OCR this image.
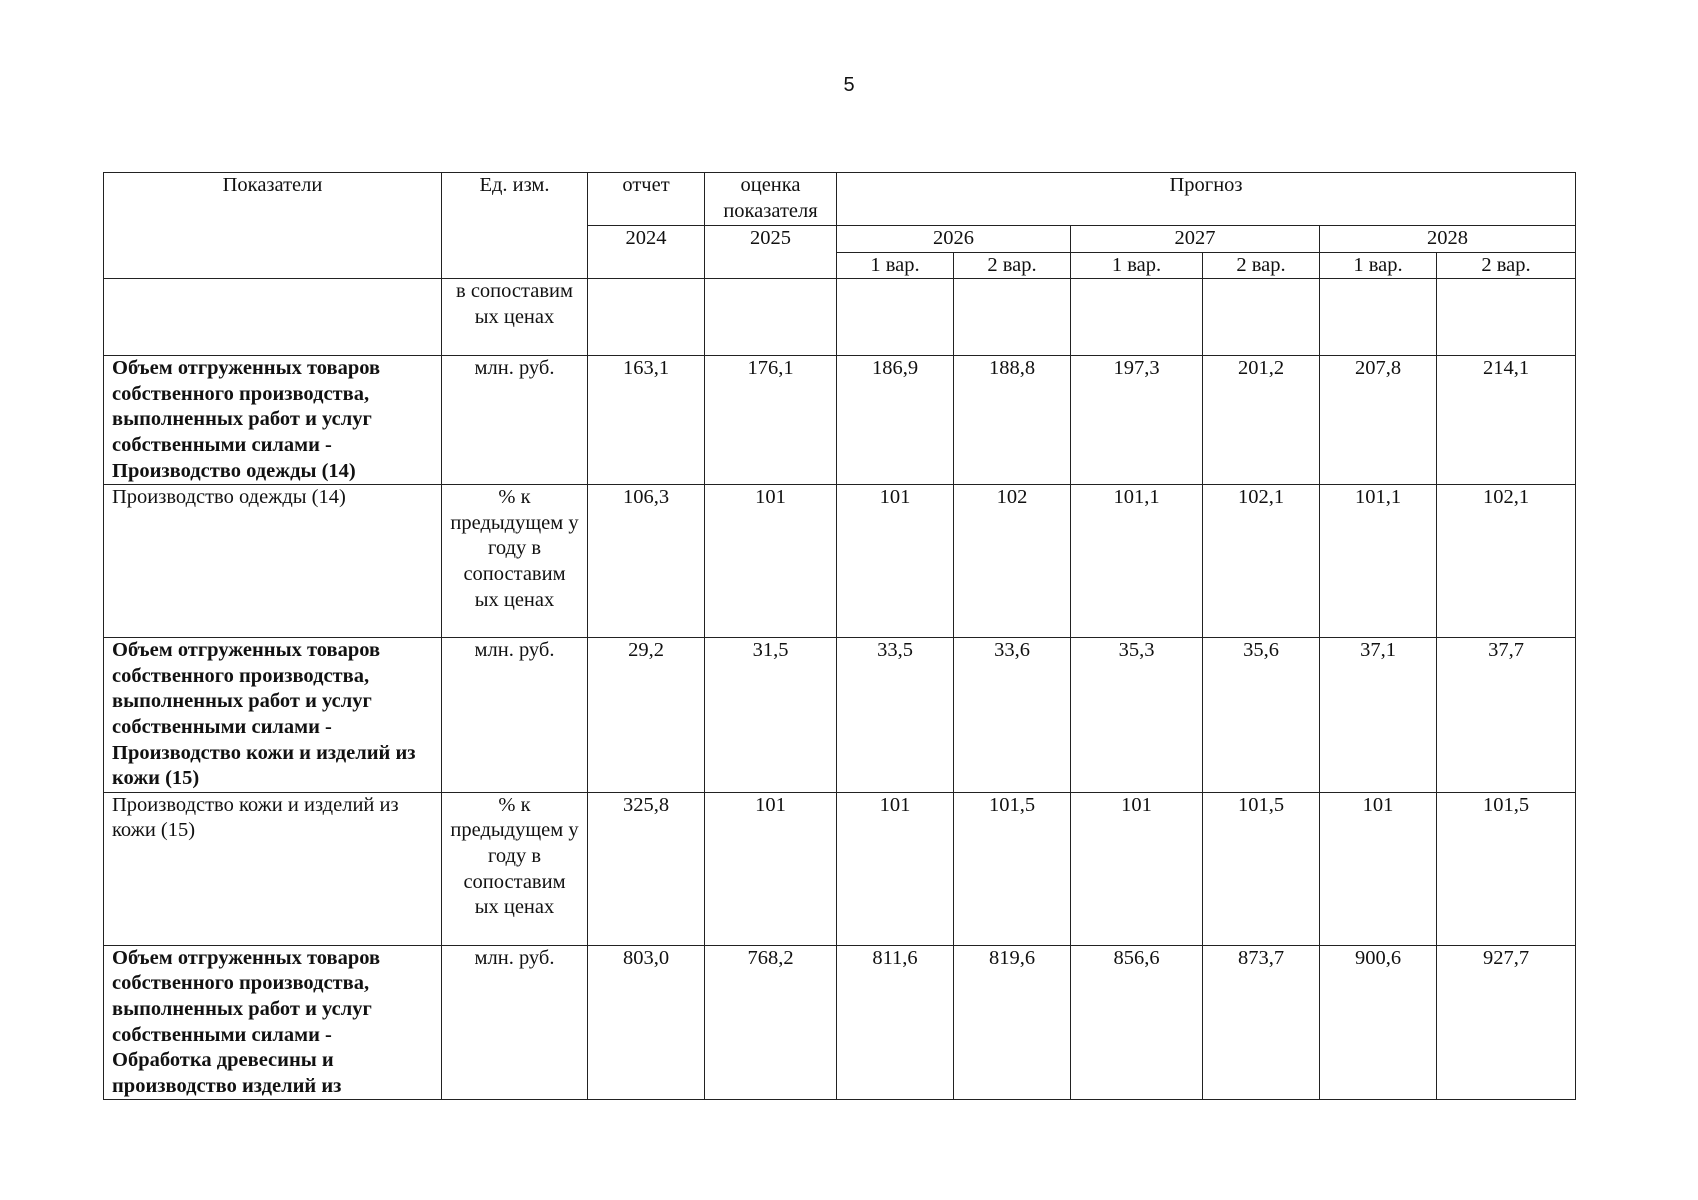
5
Показатели	Ед. изм.	отчет	оценка показателя	Прогноз					
		2024	2025	2026		2027		2028	
				1 вар.	2 вар.	1 вар.	2 вар.	1 вар.	2 вар.
	в сопоставим ых ценах								
Объем отгруженных товаров собственного производства, выполненных работ и услуг собственными силами - Производство одежды (14)	млн. руб.	163,1	176,1	186,9	188,8	197,3	201,2	207,8	214,1
Производство одежды (14)	% к предыдущем у году в сопоставим ых ценах	106,3	101	101	102	101,1	102,1	101,1	102,1
Объем отгруженных товаров собственного производства, выполненных работ и услуг собственными силами - Производство кожи и изделий из кожи (15)	млн. руб.	29,2	31,5	33,5	33,6	35,3	35,6	37,1	37,7
Производство кожи и изделий из кожи (15)	% к предыдущем у году в сопоставим ых ценах	325,8	101	101	101,5	101	101,5	101	101,5
Объем отгруженных товаров собственного производства, выполненных работ и услуг собственными силами - Обработка древесины и производство изделий из	млн. руб.	803,0	768,2	811,6	819,6	856,6	873,7	900,6	927,7
